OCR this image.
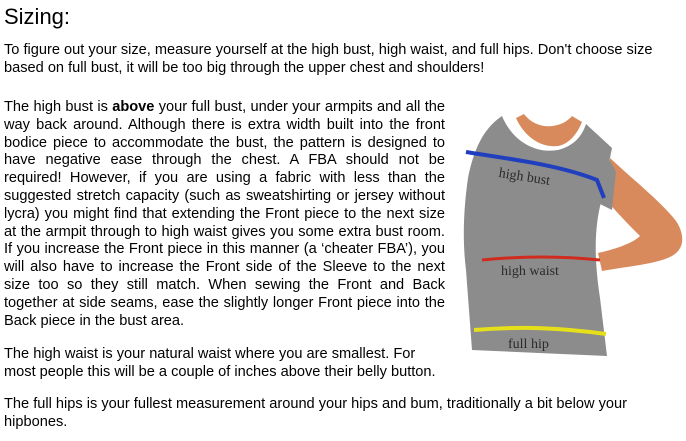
Sizing:

To figure out your size, measure yourself at the high bust, high waist, and full hips. Don't choose size based on full bust, it will be too big through the upper chest and shoulders!

The high bust is above your full bust, under your armpits and all the way back around. Although there is extra width built into the front bodice piece to accommodate the bust, the pattern is designed to have negative ease through the chest. A FBA should not be required! However, if you are using a fabric with less than the suggested stretch capacity (such as sweatshirting or jersey without lycra) you might find that extending the Front piece to the next size at the armpit through to high waist gives you some extra bust room. If you increase the Front piece in this manner (a ‘cheater FBA’), you will also have to increase the Front side of the Sleeve to the next size too so they still match. When sewing the Front and Back together at side seams, ease the slightly longer Front piece into the Back piece in the bust area.

The high waist is your natural waist where you are smallest. For most people this will be a couple of inches above their belly button.

The full hips is your fullest measurement around your hips and bum, traditionally a bit below your hipbones.

high bust
high waist
full hip
